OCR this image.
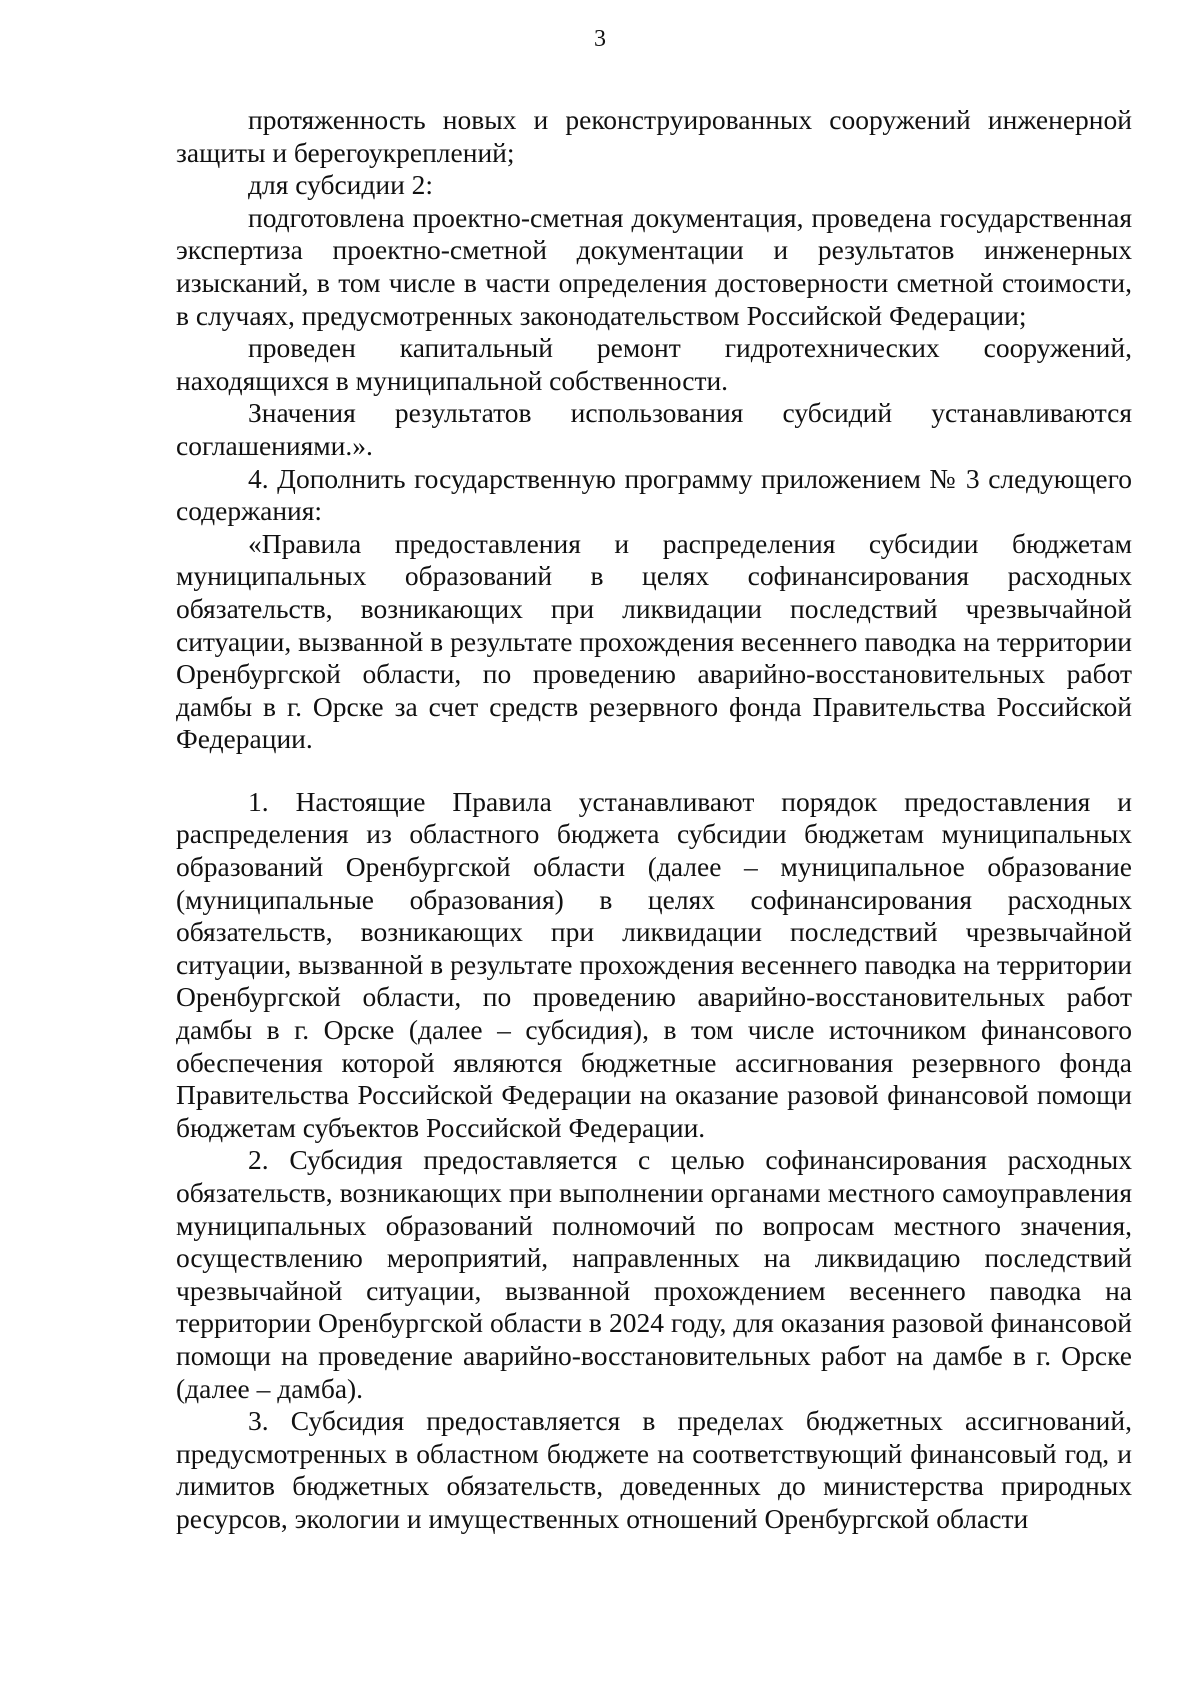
3

протяженность новых и реконструированных сооружений инженерной защиты и берегоукреплений;

для субсидии 2:

подготовлена проектно-сметная документация, проведена государственная экспертиза проектно-сметной документации и результатов инженерных изысканий, в том числе в части определения достоверности сметной стоимости, в случаях, предусмотренных законодательством Российской Федерации;

проведен капитальный ремонт гидротехнических сооружений, находящихся в муниципальной собственности.

Значения результатов использования субсидий устанавливаются соглашениями.».

4. Дополнить государственную программу приложением № 3 следующего содержания:

«Правила предоставления и распределения субсидии бюджетам муниципальных образований в целях софинансирования расходных обязательств, возникающих при ликвидации последствий чрезвычайной ситуации, вызванной в результате прохождения весеннего паводка на территории Оренбургской области, по проведению аварийно-восстановительных работ дамбы в г. Орске за счет средств резервного фонда Правительства Российской Федерации.

1. Настоящие Правила устанавливают порядок предоставления и распределения из областного бюджета субсидии бюджетам муниципальных образований Оренбургской области (далее – муниципальное образование (муниципальные образования) в целях софинансирования расходных обязательств, возникающих при ликвидации последствий чрезвычайной ситуации, вызванной в результате прохождения весеннего паводка на территории Оренбургской области, по проведению аварийно-восстановительных работ дамбы в г. Орске (далее – субсидия), в том числе источником финансового обеспечения которой являются бюджетные ассигнования резервного фонда Правительства Российской Федерации на оказание разовой финансовой помощи бюджетам субъектов Российской Федерации.

2. Субсидия предоставляется с целью софинансирования расходных обязательств, возникающих при выполнении органами местного самоуправления муниципальных образований полномочий по вопросам местного значения, осуществлению мероприятий, направленных на ликвидацию последствий чрезвычайной ситуации, вызванной прохождением весеннего паводка на территории Оренбургской области в 2024 году, для оказания разовой финансовой помощи на проведение аварийно-восстановительных работ на дамбе в г. Орске (далее – дамба).

3. Субсидия предоставляется в пределах бюджетных ассигнований, предусмотренных в областном бюджете на соответствующий финансовый год, и лимитов бюджетных обязательств, доведенных до министерства природных ресурсов, экологии и имущественных отношений Оренбургской области
